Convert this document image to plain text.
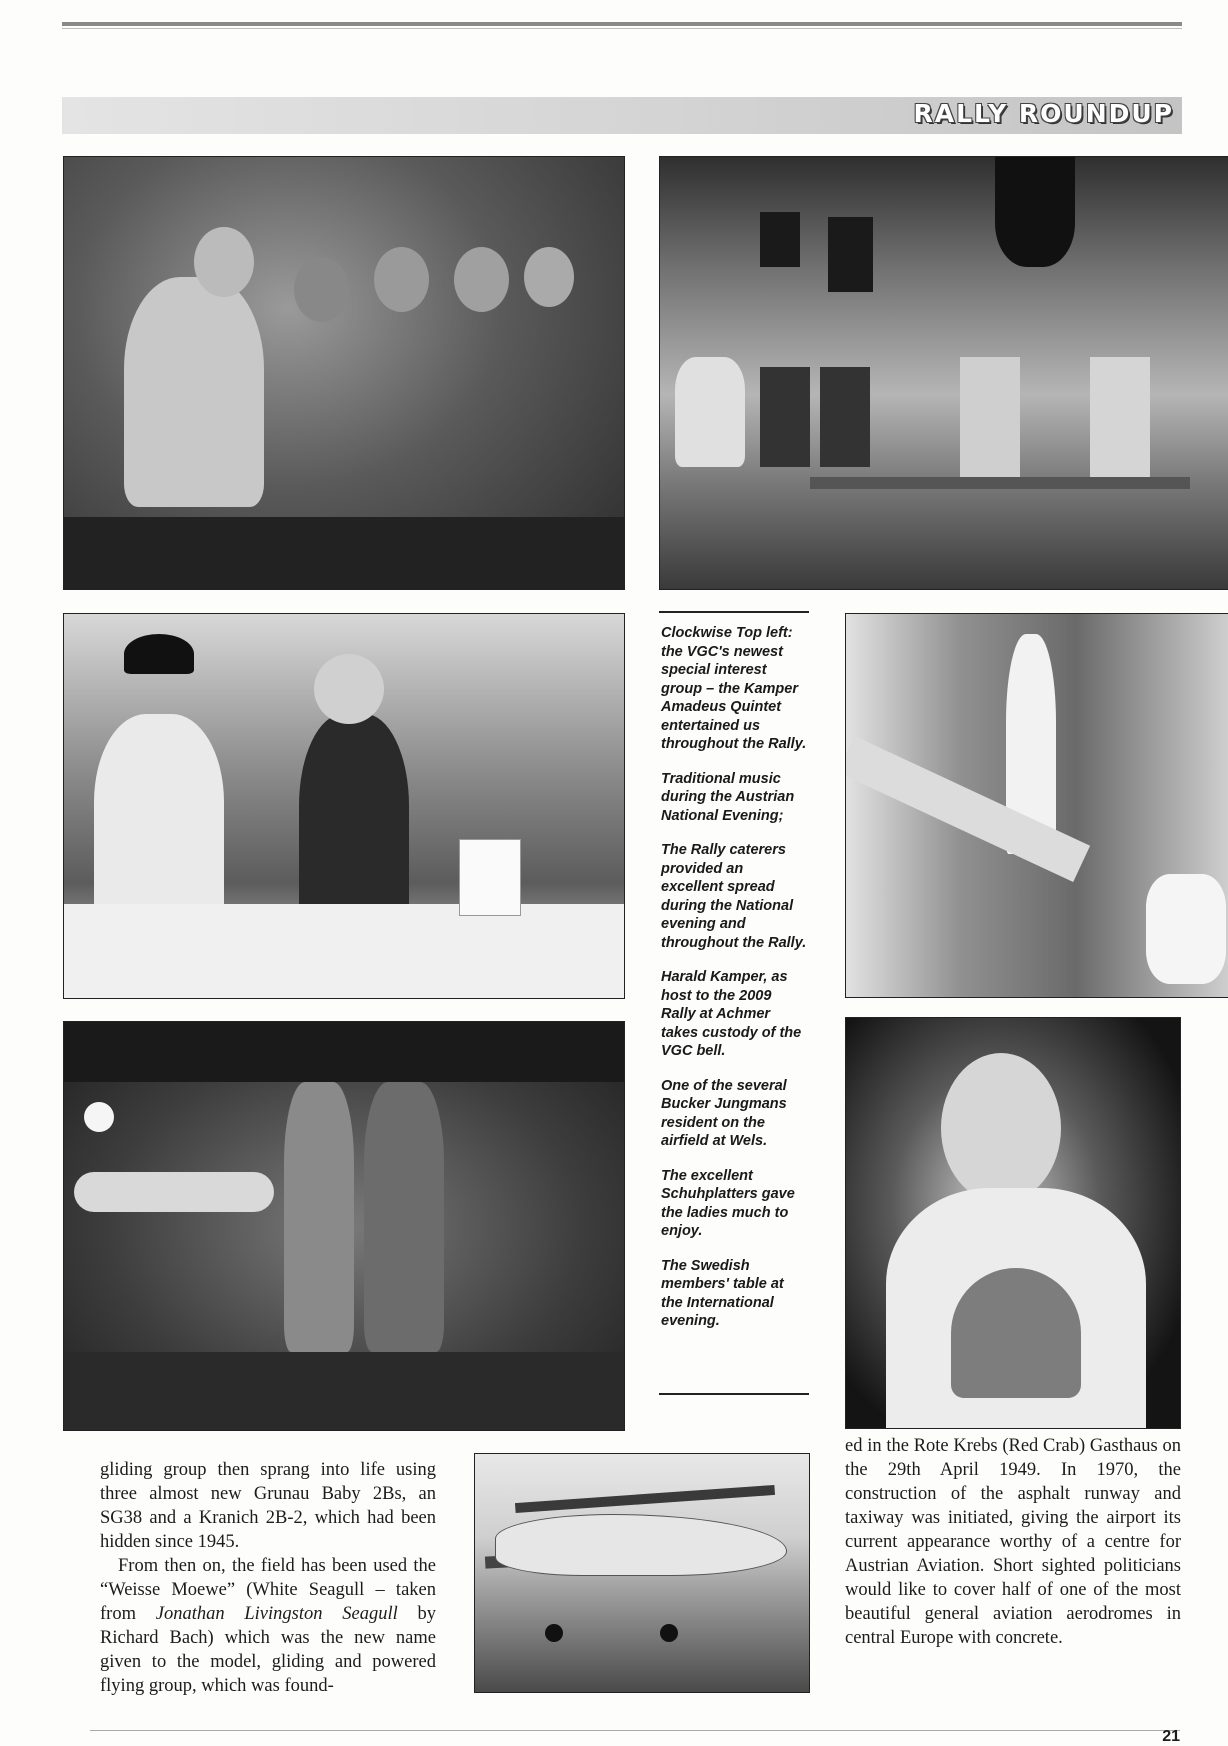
RALLY ROUNDUP

Clockwise Top left: the VGC's newest special interest group – the Kamper Amadeus Quintet entertained us throughout the Rally.

Traditional music during the Austrian National Evening;

The Rally caterers provided an excellent spread during the National evening and throughout the Rally.

Harald Kamper, as host to the 2009 Rally at Achmer takes custody of the VGC bell.

One of the several Bucker Jungmans resident on the airfield at Wels.

The excellent Schuhplatters gave the ladies much to enjoy.

The Swedish members' table at the International evening.

gliding group then sprang into life using three almost new Grunau Baby 2Bs, an SG38 and a Kranich 2B-2, which had been hidden since 1945.

From then on, the field has been used the “Weisse Moewe” (White Seagull – taken from Jonathan Livingston Seagull by Richard Bach) which was the new name given to the model, gliding and powered flying group, which was found-

ed in the Rote Krebs (Red Crab) Gasthaus on the 29th April 1949. In 1970, the construction of the asphalt runway and taxiway was initiated, giving the airport its current appearance worthy of a centre for Austrian Aviation. Short sighted politicians would like to cover half of one of the most beautiful general aviation aerodromes in central Europe with concrete.

21
